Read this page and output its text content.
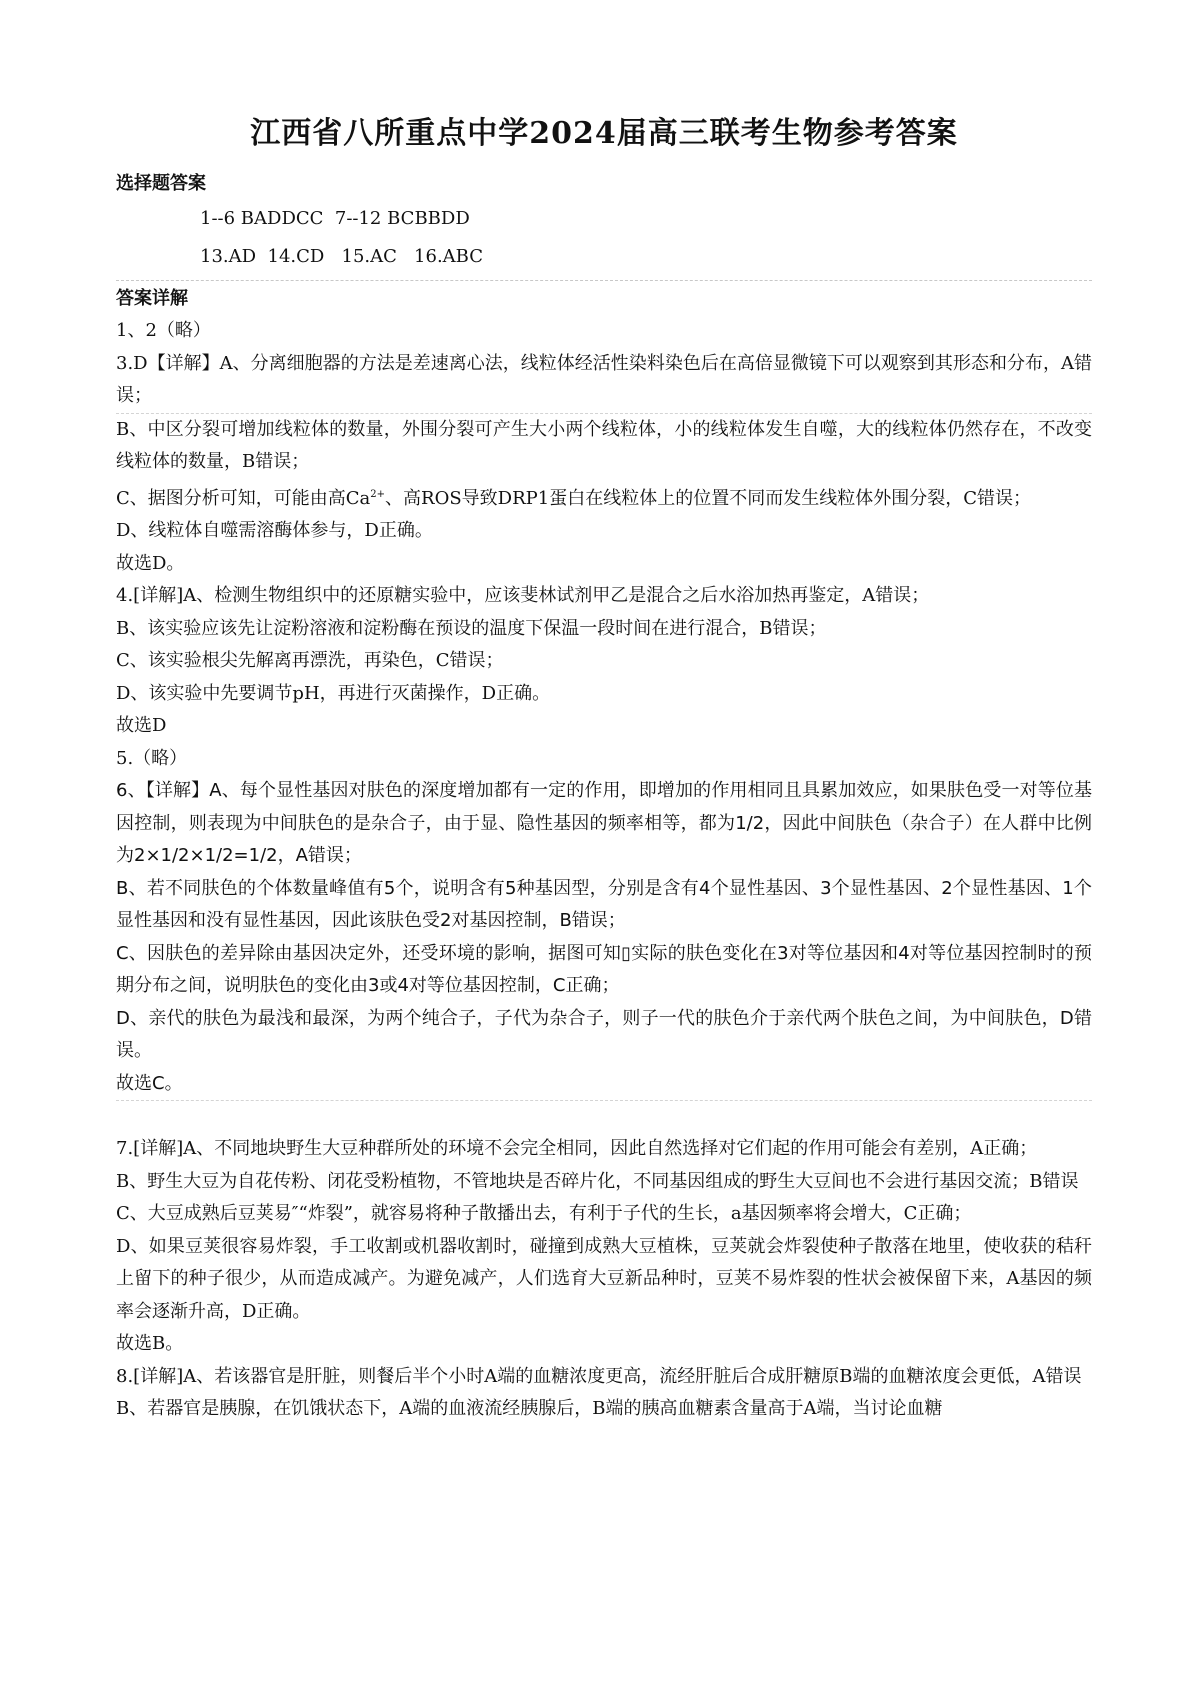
江西省八所重点中学2024届高三联考生物参考答案
选择题答案
1--6 BADDCC  7--12 BCBBDD
13.AD  14.CD   15.AC   16.ABC
答案详解

1、2（略）

3.D【详解】A、分离细胞器的方法是差速离心法，线粒体经活性染料染色后在高倍显微镜下可以观察到其形态和分布，A错误；

B、中区分裂可增加线粒体的数量，外围分裂可产生大小两个线粒体，小的线粒体发生自噬，大的线粒体仍然存在，不改变线粒体的数量，B错误；

C、据图分析可知，可能由高$Ca^{2+}$、高ROS导致DRP1蛋白在线粒体上的位置不同而发生线粒体外围分裂，C错误；

D、线粒体自噬需溶酶体参与，D正确。

故选D。

4.[详解]A、检测生物组织中的还原糖实验中，应该斐林试剂甲乙是混合之后水浴加热再鉴定，A错误；

B、该实验应该先让淀粉溶液和淀粉酶在预设的温度下保温一段时间在进行混合，B错误；

C、该实验根尖先解离再漂洗，再染色，C错误；

D、该实验中先要调节pH，再进行灭菌操作，D正确。

故选D

5.（略）

6、【详解】A、每个显性基因对肤色的深度增加都有一定的作用，即增加的作用相同且具累加效应，如果肤色受一对等位基因控制，则表现为中间肤色的是杂合子，由于显、隐性基因的频率相等，都为1/2，因此中间肤色（杂合子）在人群中比例为2×1/2×1/2=1/2，A错误；

B、若不同肤色的个体数量峰值有5个，说明含有5种基因型，分别是含有4个显性基因、3个显性基因、2个显性基因、1个显性基因和没有显性基因，因此该肤色受2对基因控制，B错误；

C、因肤色的差异除由基因决定外，还受环境的影响，据图可知▯实际的肤色变化在3对等位基因和4对等位基因控制时的预期分布之间，说明肤色的变化由3或4对等位基因控制，C正确；

D、亲代的肤色为最浅和最深，为两个纯合子，子代为杂合子，则子一代的肤色介于亲代两个肤色之间，为中间肤色，D错误。

故选C。

7.[详解]A、不同地块野生大豆种群所处的环境不会完全相同，因此自然选择对它们起的作用可能会有差别，A正确；

B、野生大豆为自花传粉、闭花受粉植物，不管地块是否碎片化，不同基因组成的野生大豆间也不会进行基因交流；B错误

C、大豆成熟后豆荚易″“炸裂”，就容易将种子散播出去，有利于子代的生长，a基因频率将会增大，C正确；

D、如果豆荚很容易炸裂，手工收割或机器收割时，碰撞到成熟大豆植株，豆荚就会炸裂使种子散落在地里，使收获的秸秆上留下的种子很少，从而造成减产。为避免减产，人们选育大豆新品种时，豆荚不易炸裂的性状会被保留下来，A基因的频率会逐渐升高，D正确。

故选B。

8.[详解]A、若该器官是肝脏，则餐后半个小时A端的血糖浓度更高，流经肝脏后合成肝糖原B端的血糖浓度会更低，A错误

B、若器官是胰腺，在饥饿状态下，A端的血液流经胰腺后，B端的胰高血糖素含量高于A端，当讨论血糖
